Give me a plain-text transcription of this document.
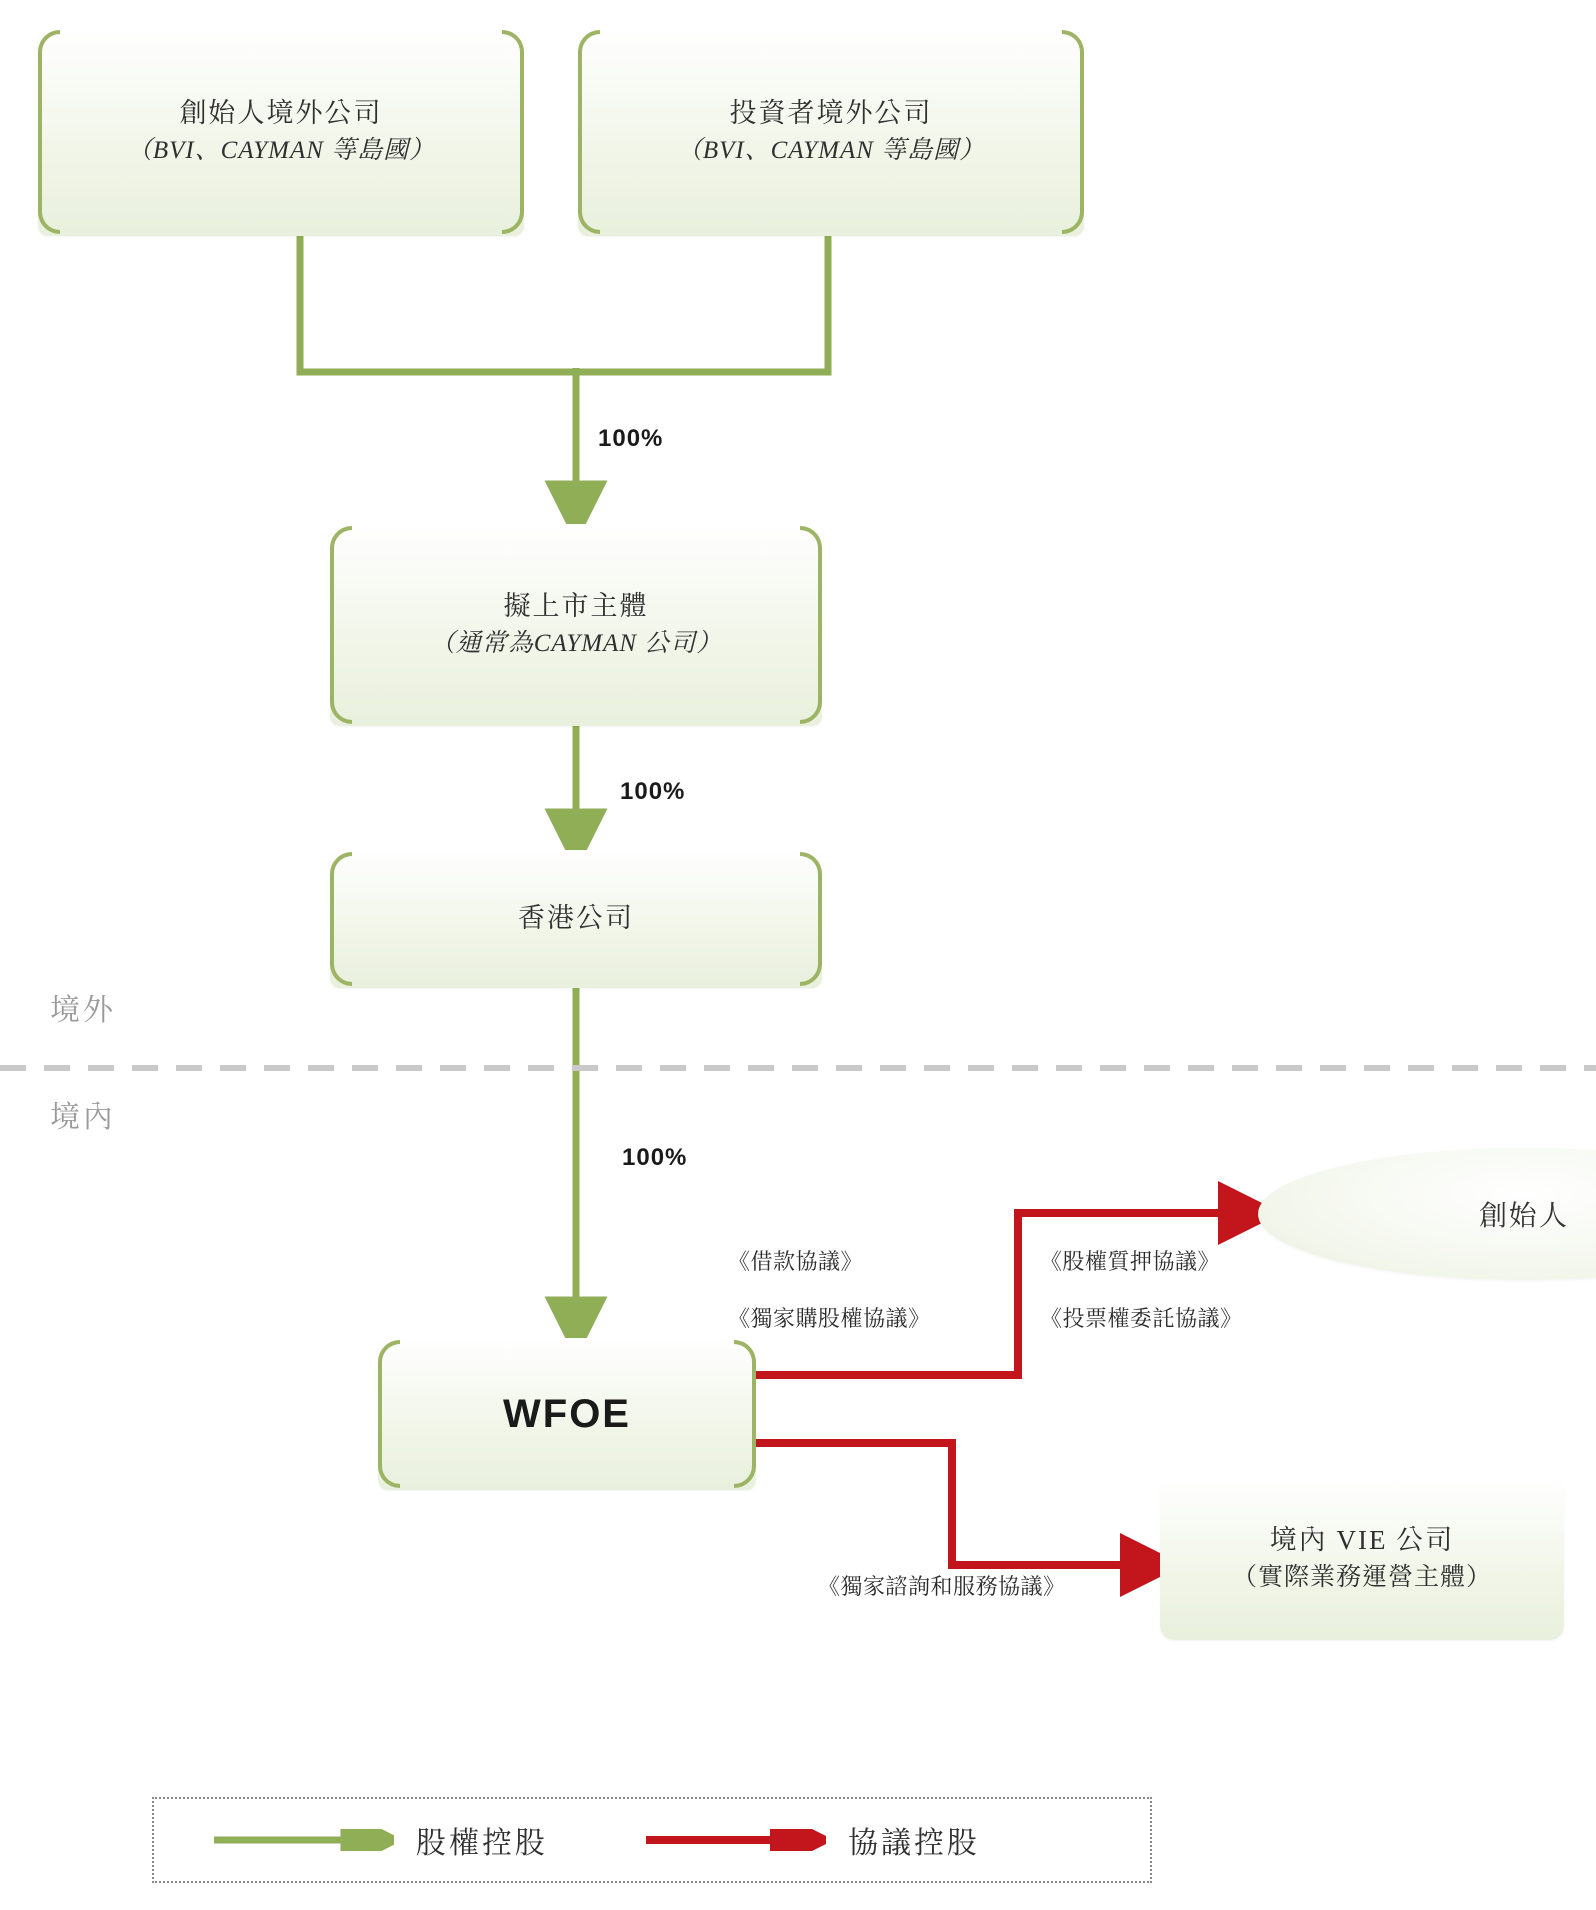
創始人境外公司
（BVI、CAYMAN 等島國）
投資者境外公司
（BVI、CAYMAN 等島國）
擬上市主體
（通常為CAYMAN 公司）
香港公司
WFOE
創始人
境內 VIE 公司
（實際業務運營主體）
100%
100%
100%
《借款協議》
《獨家購股權協議》
《股權質押協議》
《投票權委託協議》
《獨家諮詢和服務協議》
境外
境內
股權控股	協議控股
